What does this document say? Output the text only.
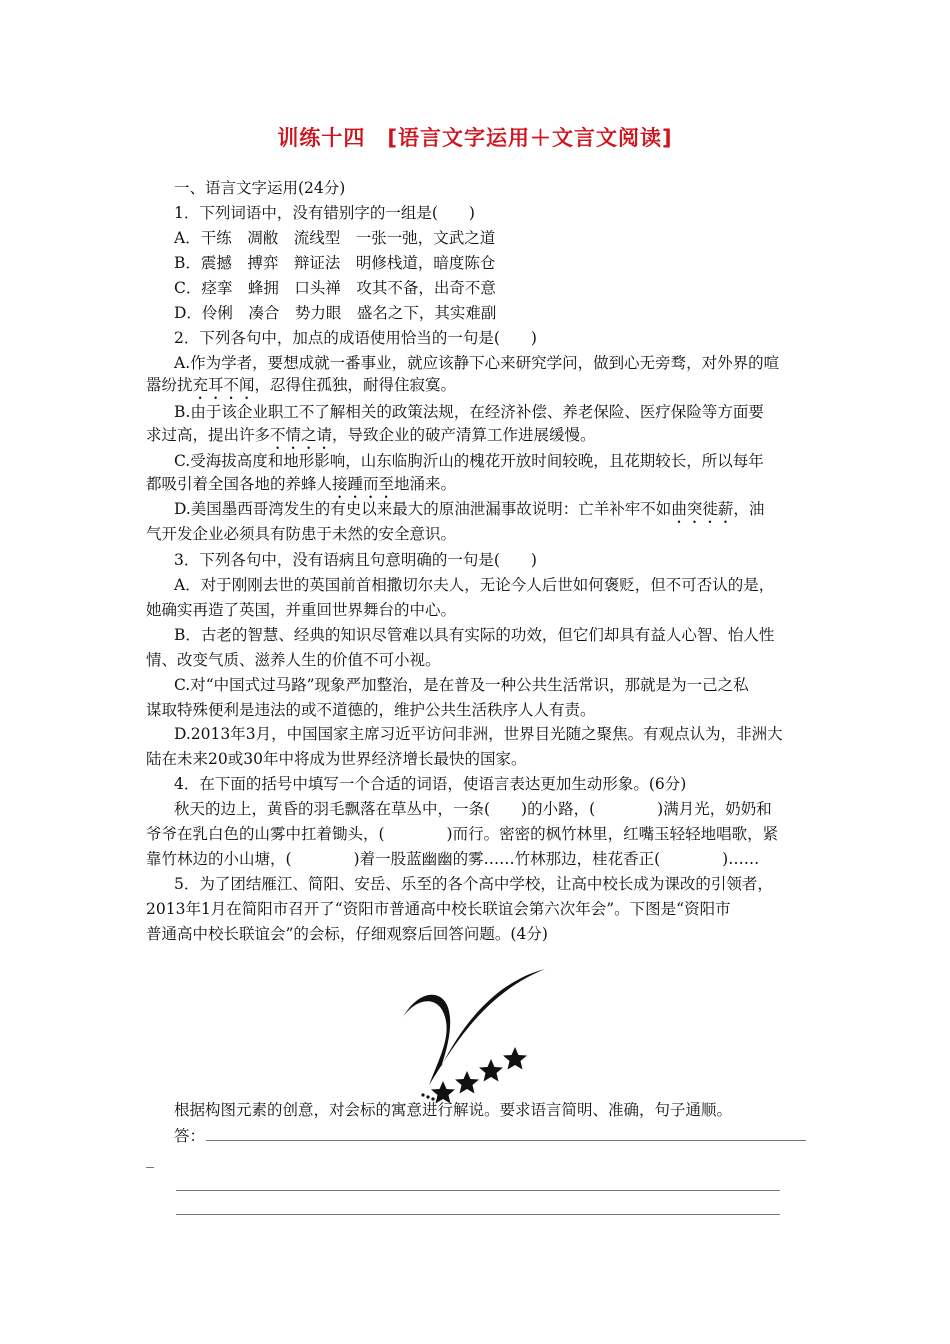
训练十四　[语言文字运用＋文言文阅读]
一、语言文字运用(24分)
1．下列词语中，没有错别字的一组是(　　)
A．干练　凋敝　流线型　一张一弛，文武之道
B．震撼　搏弈　辩证法　明修栈道，暗度陈仓
C．痉挛　蜂拥　口头禅　攻其不备，出奇不意
D．伶俐　凑合　势力眼　盛名之下，其实难副
2．下列各句中，加点的成语使用恰当的一句是(　　)
A.作为学者，要想成就一番事业，就应该静下心来研究学问，做到心无旁骛，对外界的喧
嚣纷扰充耳不闻，忍得住孤独，耐得住寂寞。
B.由于该企业职工不了解相关的政策法规，在经济补偿、养老保险、医疗保险等方面要
求过高，提出许多不情之请，导致企业的破产清算工作进展缓慢。
C.受海拔高度和地形影响，山东临朐沂山的槐花开放时间较晚，且花期较长，所以每年
都吸引着全国各地的养蜂人接踵而至地涌来。
D.美国墨西哥湾发生的有史以来最大的原油泄漏事故说明：亡羊补牢不如曲突徙薪，油
气开发企业必须具有防患于未然的安全意识。
3．下列各句中，没有语病且句意明确的一句是(　　)
A．对于刚刚去世的英国前首相撒切尔夫人，无论今人后世如何褒贬，但不可否认的是，
她确实再造了英国，并重回世界舞台的中心。
B．古老的智慧、经典的知识尽管难以具有实际的功效，但它们却具有益人心智、怡人性
情、改变气质、滋养人生的价值不可小视。
C.对“中国式过马路”现象严加整治，是在普及一种公共生活常识，那就是为一己之私
谋取特殊便利是违法的或不道德的，维护公共生活秩序人人有责。
D.2013年3月，中国国家主席习近平访问非洲，世界目光随之聚焦。有观点认为，非洲大
陆在未来20或30年中将成为世界经济增长最快的国家。
4．在下面的括号中填写一个合适的词语，使语言表达更加生动形象。(6分)
秋天的边上，黄昏的羽毛飘落在草丛中，一条(　　)的小路，(　　　　)满月光，奶奶和
爷爷在乳白色的山雾中扛着锄头，(　　　　)而行。密密的枫竹林里，红嘴玉轻轻地唱歌，紧
靠竹林边的小山塘，(　　　　)着一股蓝幽幽的雾……竹林那边，桂花香正(　　　　)……
5．为了团结雁江、简阳、安岳、乐至的各个高中学校，让高中校长成为课改的引领者，
2013年1月在简阳市召开了“资阳市普通高中校长联谊会第六次年会”。下图是“资阳市
普通高中校长联谊会”的会标，仔细观察后回答问题。(4分)
根据构图元素的创意，对会标的寓意进行解说。要求语言简明、准确，句子通顺。
答：
